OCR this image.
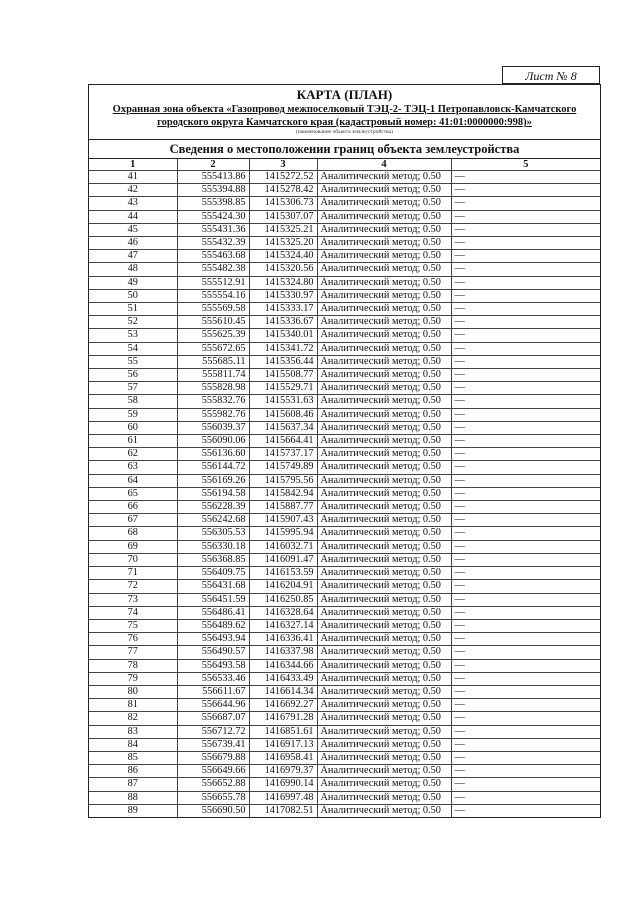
Лист № 8
КАРТА (ПЛАН)
Охранная зона объекта «Газопровод межпоселковый ТЭЦ-2- ТЭЦ-1 Петропавловск-Камчатского
городского округа Камчатского края (кадастровый номер: 41:01:0000000:998)»
(наименование объекта землеустройства)
Сведения о местоположении границ объекта землеустройства
1	2	3	4	5
41	555413.86	1415272.52	Аналитический метод; 0.50	—
42	555394.88	1415278.42	Аналитический метод; 0.50	—
43	555398.85	1415306.73	Аналитический метод; 0.50	—
44	555424.30	1415307.07	Аналитический метод; 0.50	—
45	555431.36	1415325.21	Аналитический метод; 0.50	—
46	555432.39	1415325.20	Аналитический метод; 0.50	—
47	555463.68	1415324.40	Аналитический метод; 0.50	—
48	555482.38	1415320.56	Аналитический метод; 0.50	—
49	555512.91	1415324.80	Аналитический метод; 0.50	—
50	555554.16	1415330.97	Аналитический метод; 0.50	—
51	555569.58	1415333.17	Аналитический метод; 0.50	—
52	555610.45	1415336.67	Аналитический метод; 0.50	—
53	555625.39	1415340.01	Аналитический метод; 0.50	—
54	555672.65	1415341.72	Аналитический метод; 0.50	—
55	555685.11	1415356.44	Аналитический метод; 0.50	—
56	555811.74	1415508.77	Аналитический метод; 0.50	—
57	555828.98	1415529.71	Аналитический метод; 0.50	—
58	555832.76	1415531.63	Аналитический метод; 0.50	—
59	555982.76	1415608.46	Аналитический метод; 0.50	—
60	556039.37	1415637.34	Аналитический метод; 0.50	—
61	556090.06	1415664.41	Аналитический метод; 0.50	—
62	556136.60	1415737.17	Аналитический метод; 0.50	—
63	556144.72	1415749.89	Аналитический метод; 0.50	—
64	556169.26	1415795.56	Аналитический метод; 0.50	—
65	556194.58	1415842.94	Аналитический метод; 0.50	—
66	556228.39	1415887.77	Аналитический метод; 0.50	—
67	556242.68	1415907.43	Аналитический метод; 0.50	—
68	556305.53	1415995.94	Аналитический метод; 0.50	—
69	556330.18	1416032.71	Аналитический метод; 0.50	—
70	556368.85	1416091.47	Аналитический метод; 0.50	—
71	556409.75	1416153.59	Аналитический метод; 0.50	—
72	556431.68	1416204.91	Аналитический метод; 0.50	—
73	556451.59	1416250.85	Аналитический метод; 0.50	—
74	556486.41	1416328.64	Аналитический метод; 0.50	—
75	556489.62	1416327.14	Аналитический метод; 0.50	—
76	556493.94	1416336.41	Аналитический метод; 0.50	—
77	556490.57	1416337.98	Аналитический метод; 0.50	—
78	556493.58	1416344.66	Аналитический метод; 0.50	—
79	556533.46	1416433.49	Аналитический метод; 0.50	—
80	556611.67	1416614.34	Аналитический метод; 0.50	—
81	556644.96	1416692.27	Аналитический метод; 0.50	—
82	556687.07	1416791.28	Аналитический метод; 0.50	—
83	556712.72	1416851.61	Аналитический метод; 0.50	—
84	556739.41	1416917.13	Аналитический метод; 0.50	—
85	556679.88	1416958.41	Аналитический метод; 0.50	—
86	556649.66	1416979.37	Аналитический метод; 0.50	—
87	556652.88	1416990.14	Аналитический метод; 0.50	—
88	556655.78	1416997.48	Аналитический метод; 0.50	—
89	556690.50	1417082.51	Аналитический метод; 0.50	—
